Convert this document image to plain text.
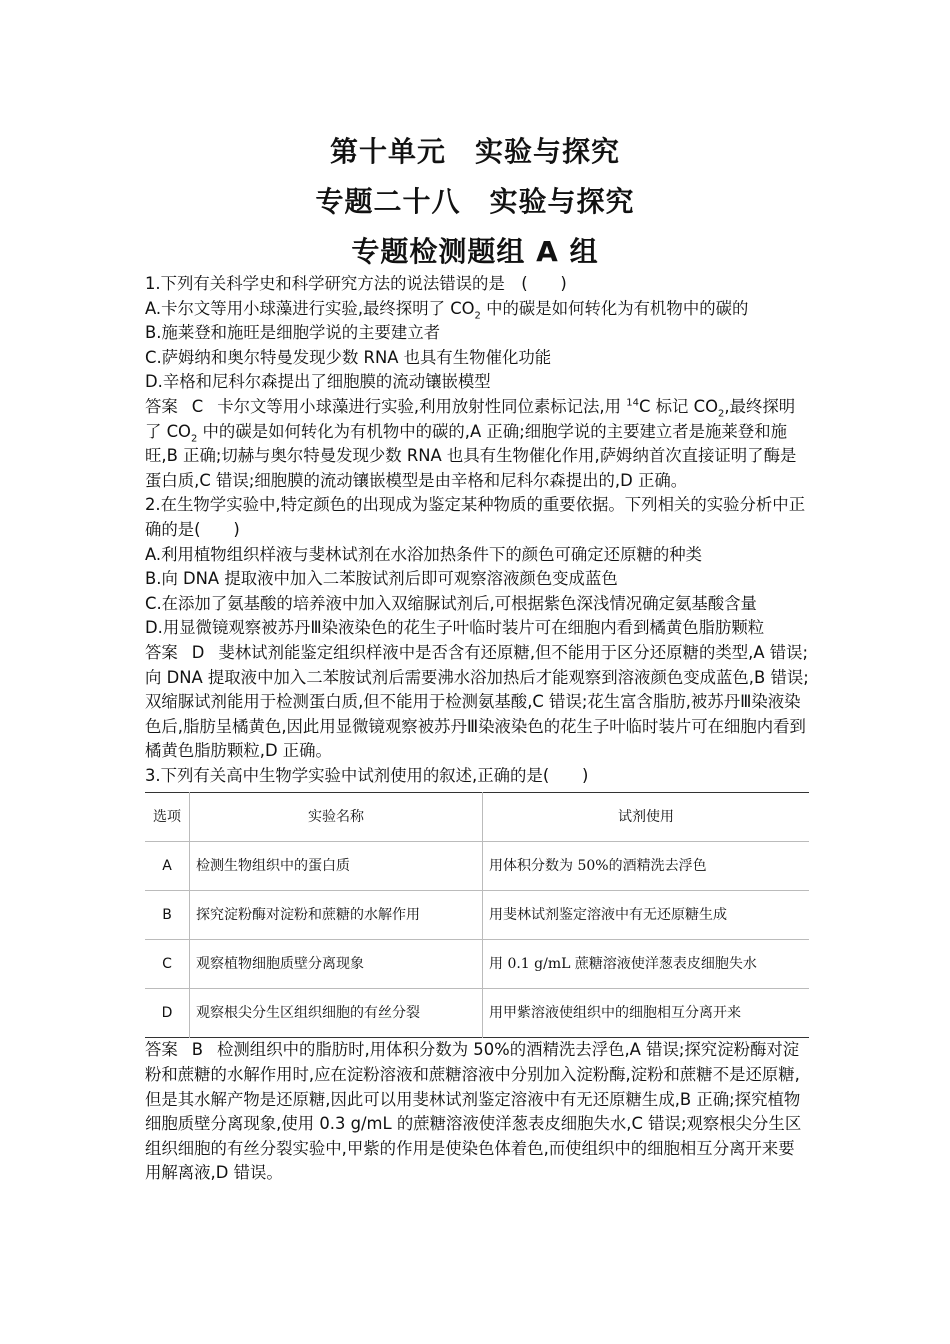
第十单元　实验与探究
专题二十八　实验与探究
专题检测题组 A 组

1.下列有关科学史和科学研究方法的说法错误的是　(　　)

A.卡尔文等用小球藻进行实验,最终探明了 $CO_2$ 中的碳是如何转化为有机物中的碳的

B.施莱登和施旺是细胞学说的主要建立者

C.萨姆纳和奥尔特曼发现少数 RNA 也具有生物催化功能

D.辛格和尼科尔森提出了细胞膜的流动镶嵌模型

答案 C 卡尔文等用小球藻进行实验,利用放射性同位素标记法,用 $^{14}$C 标记 $CO_2$,最终探明了 $CO_2$ 中的碳是如何转化为有机物中的碳的,A 正确;细胞学说的主要建立者是施莱登和施旺,B 正确;切赫与奥尔特曼发现少数 RNA 也具有生物催化作用,萨姆纳首次直接证明了酶是蛋白质,C 错误;细胞膜的流动镶嵌模型是由辛格和尼科尔森提出的,D 正确。

2.在生物学实验中,特定颜色的出现成为鉴定某种物质的重要依据。下列相关的实验分析中正确的是(　　)

A.利用植物组织样液与斐林试剂在水浴加热条件下的颜色可确定还原糖的种类

B.向 DNA 提取液中加入二苯胺试剂后即可观察溶液颜色变成蓝色

C.在添加了氨基酸的培养液中加入双缩脲试剂后,可根据紫色深浅情况确定氨基酸含量

D.用显微镜观察被苏丹Ⅲ染液染色的花生子叶临时装片可在细胞内看到橘黄色脂肪颗粒

答案 D 斐林试剂能鉴定组织样液中是否含有还原糖,但不能用于区分还原糖的类型,A 错误;向 DNA 提取液中加入二苯胺试剂后需要沸水浴加热后才能观察到溶液颜色变成蓝色,B 错误;双缩脲试剂能用于检测蛋白质,但不能用于检测氨基酸,C 错误;花生富含脂肪,被苏丹Ⅲ染液染色后,脂肪呈橘黄色,因此用显微镜观察被苏丹Ⅲ染液染色的花生子叶临时装片可在细胞内看到橘黄色脂肪颗粒,D 正确。

3.下列有关高中生物学实验中试剂使用的叙述,正确的是(　　)

选项	实验名称	试剂使用
A	检测生物组织中的蛋白质	用体积分数为 50%的酒精洗去浮色
B	探究淀粉酶对淀粉和蔗糖的水解作用	用斐林试剂鉴定溶液中有无还原糖生成
C	观察植物细胞质壁分离现象	用 0.1 g/mL 蔗糖溶液使洋葱表皮细胞失水
D	观察根尖分生区组织细胞的有丝分裂	用甲紫溶液使组织中的细胞相互分离开来

答案 B 检测组织中的脂肪时,用体积分数为 50%的酒精洗去浮色,A 错误;探究淀粉酶对淀粉和蔗糖的水解作用时,应在淀粉溶液和蔗糖溶液中分别加入淀粉酶,淀粉和蔗糖不是还原糖,但是其水解产物是还原糖,因此可以用斐林试剂鉴定溶液中有无还原糖生成,B 正确;探究植物细胞质壁分离现象,使用 0.3 g/mL 的蔗糖溶液使洋葱表皮细胞失水,C 错误;观察根尖分生区组织细胞的有丝分裂实验中,甲紫的作用是使染色体着色,而使组织中的细胞相互分离开来要用解离液,D 错误。
